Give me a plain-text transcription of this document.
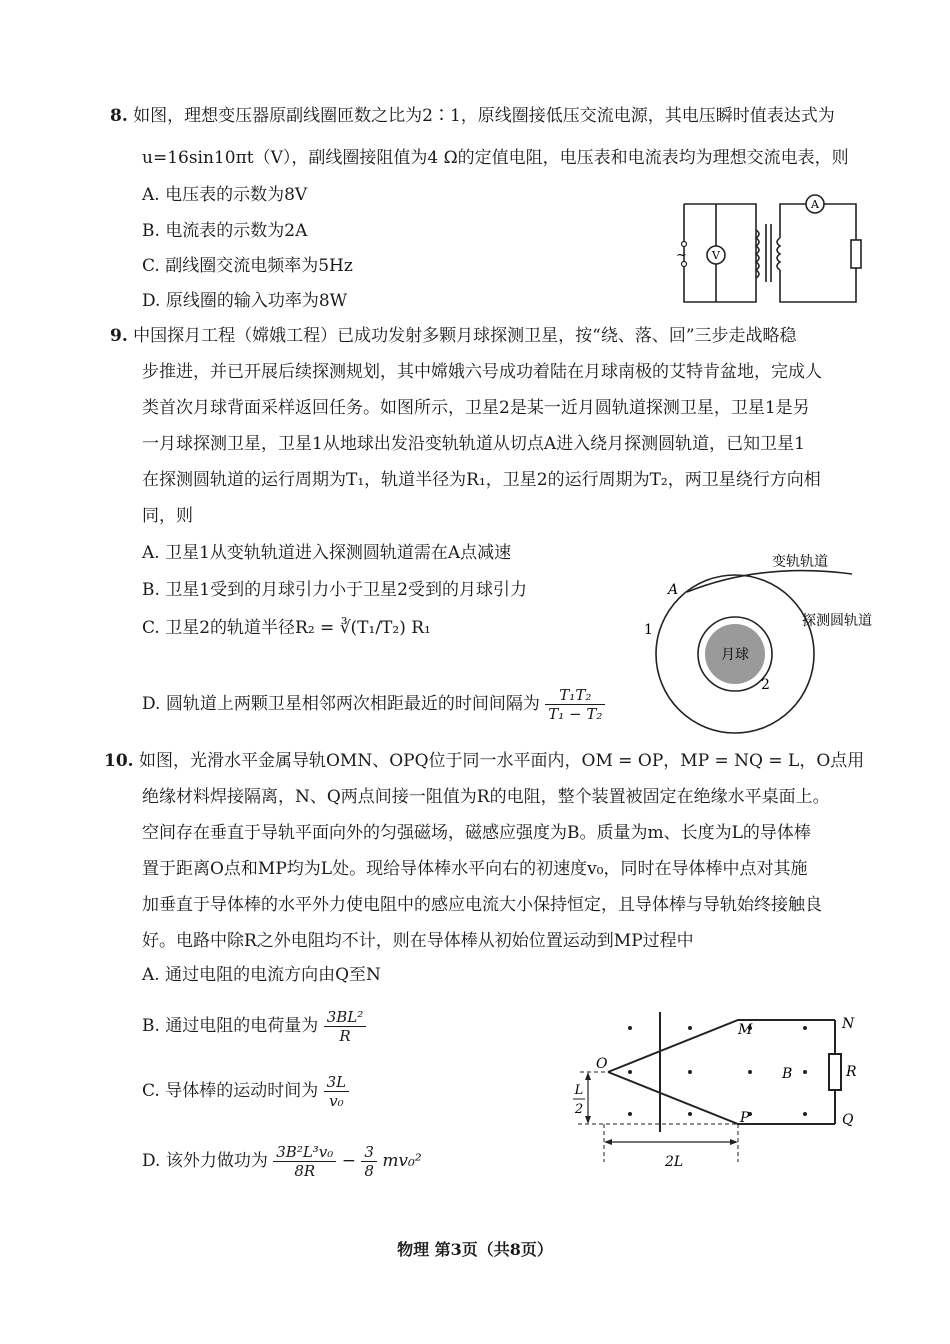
8. 如图，理想变压器原副线圈匝数之比为2∶1，原线圈接低压交流电源，其电压瞬时值表达式为
u=16sin10πt（V），副线圈接阻值为4 Ω的定值电阻，电压表和电流表均为理想交流电表，则
A. 电压表的示数为8V
B. 电流表的示数为2A
C. 副线圈交流电频率为5Hz
D. 原线圈的输入功率为8W
V
A
~
9. 中国探月工程（嫦娥工程）已成功发射多颗月球探测卫星，按“绕、落、回”三步走战略稳
步推进，并已开展后续探测规划，其中嫦娥六号成功着陆在月球南极的艾特肯盆地，完成人
类首次月球背面采样返回任务。如图所示，卫星2是某一近月圆轨道探测卫星，卫星1是另
一月球探测卫星，卫星1从地球出发沿变轨轨道从切点A进入绕月探测圆轨道，已知卫星1
在探测圆轨道的运行周期为T₁，轨道半径为R₁，卫星2的运行周期为T₂，两卫星绕行方向相
同，则
A. 卫星1从变轨轨道进入探测圆轨道需在A点减速
B. 卫星1受到的月球引力小于卫星2受到的月球引力
C. 卫星2的轨道半径R₂ = ∛(T₁/T₂) R₁
D. 圆轨道上两颗卫星相邻两次相距最近的时间间隔为 $\frac{\text{T₁T₂}}{\text{T₁ − T₂}}$
月球
变轨轨道
探测圆轨道
A
1
2
10. 如图，光滑水平金属导轨OMN、OPQ位于同一水平面内，OM = OP，MP = NQ = L，O点用
绝缘材料焊接隔离，N、Q两点间接一阻值为R的电阻，整个装置被固定在绝缘水平桌面上。
空间存在垂直于导轨平面向外的匀强磁场，磁感应强度为B。质量为m、长度为L的导体棒
置于距离O点和MP均为L处。现给导体棒水平向右的初速度v₀，同时在导体棒中点对其施
加垂直于导体棒的水平外力使电阻中的感应电流大小保持恒定，且导体棒与导轨始终接触良
好。电路中除R之外电阻均不计，则在导体棒从初始位置运动到MP过程中
A. 通过电阻的电流方向由Q至N
B. 通过电阻的电荷量为 $\frac{\text{3BL²}}{R}$
C. 导体棒的运动时间为 $\frac{3L}{\text{v₀}}$
D. 该外力做功为 $\frac{\text{3B²L³v₀}}{8R} - \frac{3}{8} mv_0^2$
O
M	N
P	Q
R
B
2L
L
2
物理 第3页（共8页）
